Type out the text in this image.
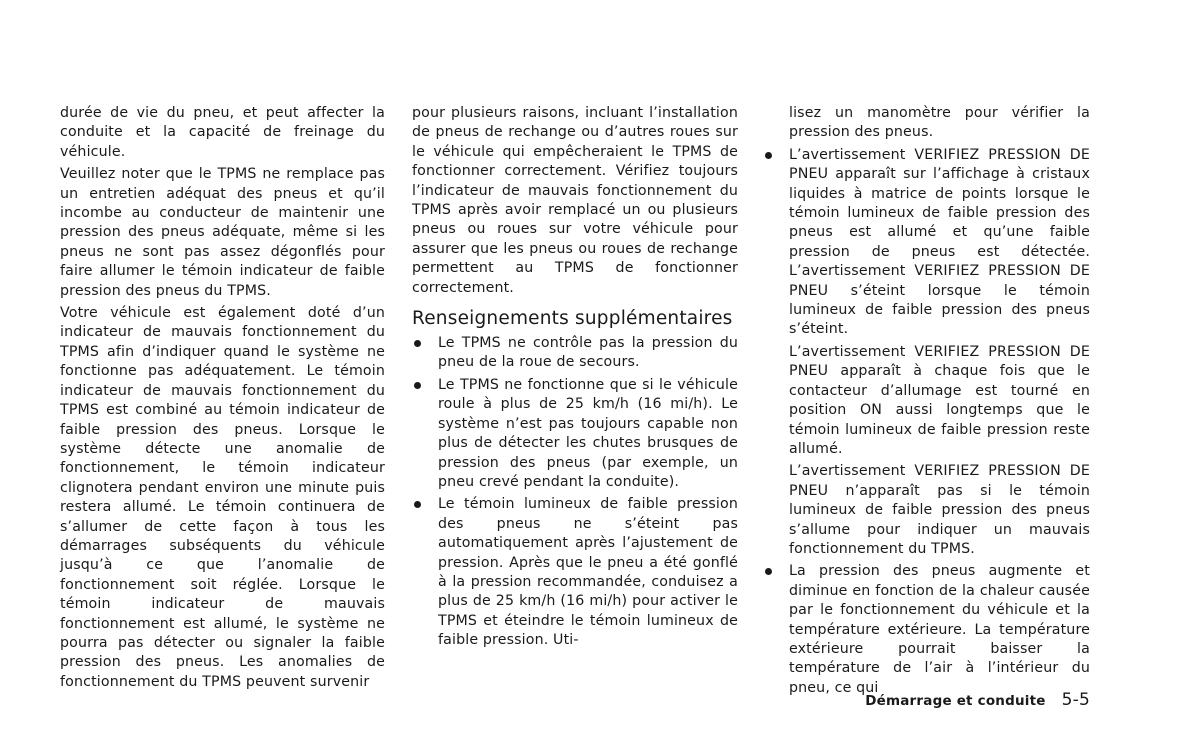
durée de vie du pneu, et peut affecter la conduite et la capacité de freinage du véhicule.

Veuillez noter que le TPMS ne remplace pas un entretien adéquat des pneus et qu’il incombe au conducteur de maintenir une pression des pneus adéquate, même si les pneus ne sont pas assez dégonflés pour faire allumer le témoin indicateur de faible pression des pneus du TPMS.

Votre véhicule est également doté d’un indicateur de mauvais fonctionnement du TPMS afin d’indiquer quand le système ne fonctionne pas adéquatement. Le témoin indicateur de mauvais fonctionnement du TPMS est combiné au témoin indicateur de faible pression des pneus. Lorsque le système détecte une anomalie de fonctionnement, le témoin indicateur clignotera pendant environ une minute puis restera allumé. Le témoin continuera de s’allumer de cette façon à tous les démarrages subséquents du véhicule jusqu’à ce que l’anomalie de fonctionnement soit réglée. Lorsque le témoin indicateur de mauvais fonctionnement est allumé, le système ne pourra pas détecter ou signaler la faible pression des pneus. Les anomalies de fonctionnement du TPMS peuvent survenir

pour plusieurs raisons, incluant l’installation de pneus de rechange ou d’autres roues sur le véhicule qui empêcheraient le TPMS de fonctionner correctement. Vérifiez toujours l’indicateur de mauvais fonctionnement du TPMS après avoir remplacé un ou plusieurs pneus ou roues sur votre véhicule pour assurer que les pneus ou roues de rechange permettent au TPMS de fonctionner correctement.

Renseignements supplémentaires

Le TPMS ne contrôle pas la pression du pneu de la roue de secours.

Le TPMS ne fonctionne que si le véhicule roule à plus de 25 km/h (16 mi/h). Le système n’est pas toujours capable non plus de détecter les chutes brusques de pression des pneus (par exemple, un pneu crevé pendant la conduite).

Le témoin lumineux de faible pression des pneus ne s’éteint pas automatiquement après l’ajustement de pression. Après que le pneu a été gonflé à la pression recommandée, conduisez a plus de 25 km/h (16 mi/h) pour activer le TPMS et éteindre le témoin lumineux de faible pression. Uti-

lisez un manomètre pour vérifier la pression des pneus.

L’avertissement VERIFIEZ PRESSION DE PNEU apparaît sur l’affichage à cristaux liquides à matrice de points lorsque le témoin lumineux de faible pression des pneus est allumé et qu’une faible pression de pneus est détectée. L’avertissement VERIFIEZ PRESSION DE PNEU s’éteint lorsque le témoin lumineux de faible pression des pneus s’éteint.

L’avertissement VERIFIEZ PRESSION DE PNEU apparaît à chaque fois que le contacteur d’allumage est tourné en position ON aussi longtemps que le témoin lumineux de faible pression reste allumé.

L’avertissement VERIFIEZ PRESSION DE PNEU n’apparaît pas si le témoin lumineux de faible pression des pneus s’allume pour indiquer un mauvais fonctionnement du TPMS.

La pression des pneus augmente et diminue en fonction de la chaleur causée par le fonctionnement du véhicule et la température extérieure. La température extérieure pourrait baisser la température de l’air à l’intérieur du pneu, ce qui

Démarrage et conduite 5-5
